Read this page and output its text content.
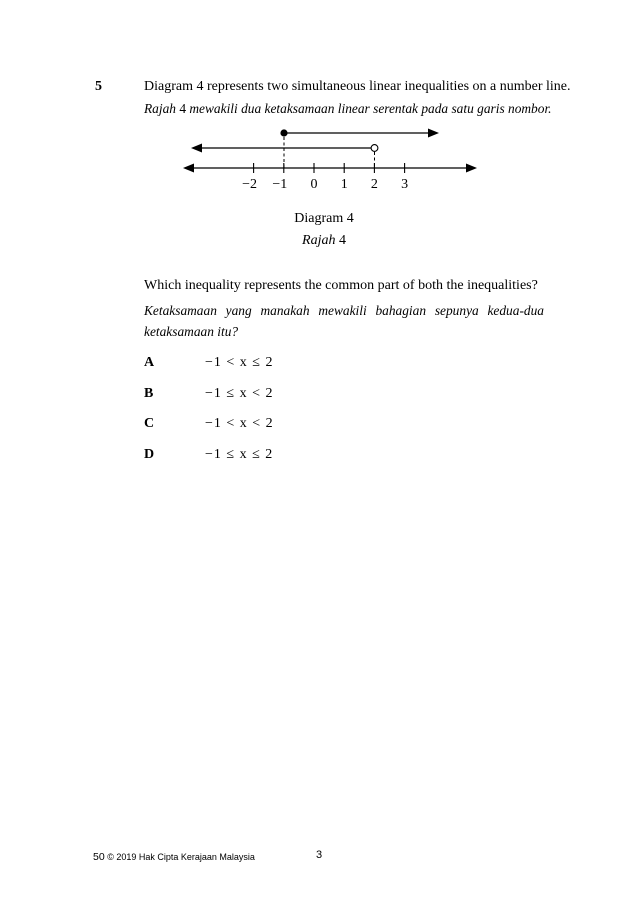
5	Diagram 4 represents two simultaneous linear inequalities on a number line.
Rajah 4 mewakili dua ketaksamaan linear serentak pada satu garis nombor.
−2 −1 0 1 2 3
Diagram 4
Rajah 4
Which inequality represents the common part of both the inequalities?
Ketaksamaan yang manakah mewakili bahagian sepunya kedua-dua ketaksamaan itu?
A	−1 < x ≤ 2
B	−1 ≤ x < 2
C	−1 < x < 2
D	−1 ≤ x ≤ 2
50 © 2019 Hak Cipta Kerajaan Malaysia	3
